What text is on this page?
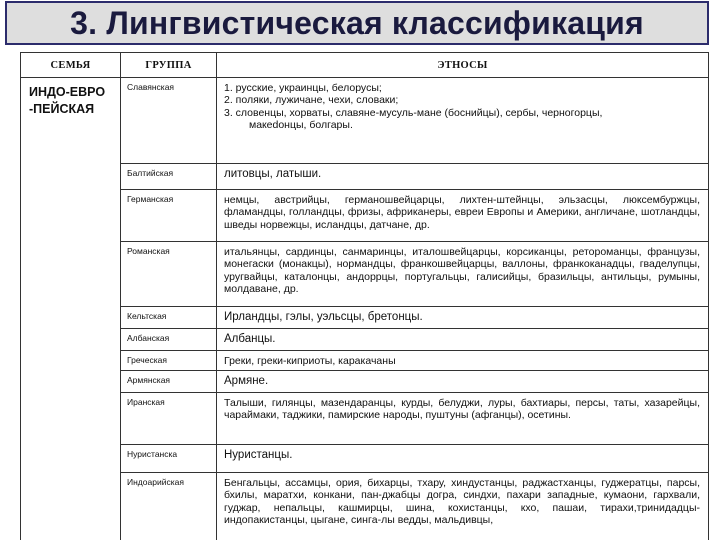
3. Лингвистическая классификация
СЕМЬЯ	ГРУППА	ЭТНОСЫ

ИНДО-ЕВРО
-ПЕЙСКАЯ	Славянская	1. русские, украинцы, белорусы;
2. поляки, лужичане, чехи, словаки;
3. словенцы, хорваты, славяне-мусуль-мане (боснийцы), сербы, черногорцы,
макedонцы, болгары.

	Балтийская	литовцы, латыши.
	Германская	немцы, австрийцы, германошвейцарцы, лихтен-штейнцы, эльзасцы, люксембуржцы, фламандцы, голландцы, фризы, африканеры, евреи Европы и Америки, англичане, шотландцы, шведы норвежцы, исландцы, датчане, др.
	Романская	итальянцы, сардинцы, санмаринцы, италошвейцарцы, корсиканцы, ретороманцы, французы, монегаски (монакцы), нормандцы, франкошвейцарцы, валлоны, франкоканадцы, гваделупцы, уругвайцы, каталонцы, андоррцы, португальцы, галисийцы, бразильцы, антильцы, румыны, молдаване, др.
	Кельтская	Ирландцы, гэлы, уэльсцы, бретонцы.
	Албанская	Албанцы.
	Греческая	Греки, греки-киприоты, каракачаны
	Армянская	Армяне.
	Иранская	Талыши, гилянцы, мазендаранцы, курды, белуджи, луры, бахтиары, персы, таты, хазарейцы, чараймаки, таджики, памирские народы, пуштуны (афганцы), осетины.
	Нуристанска	Нуристанцы.
	Индоарийская	Бенгальцы, ассамцы, ория, бихарцы, тхару, хиндустанцы, раджастханцы, гуджератцы, парсы, бхилы, маратхи, конкани, пан-джабцы догра, синдхи, пахари западные, кумаони, гархвали, гуджар, непальцы, кашмирцы, шина, кохистанцы, кхо, пашаи, тирахи,тринидадцы-индопакистанцы, цыгане, сингa-лы ведды, мальдивцы,
